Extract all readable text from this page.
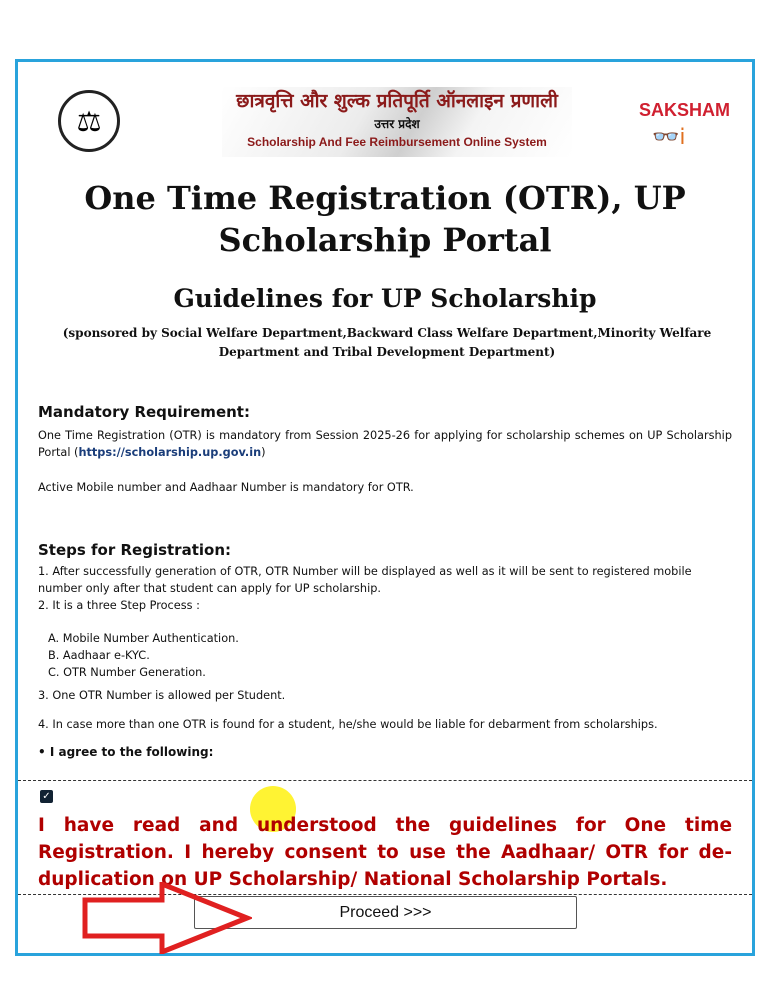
⚖
छात्रवृत्ति और शुल्क प्रतिपूर्ति ऑनलाइन प्रणाली
उत्तर प्रदेश
Scholarship And Fee Reimbursement Online System
SAKSHAM
👓ⅰ
One Time Registration (OTR), UP Scholarship Portal
Guidelines for UP Scholarship
(sponsored by Social Welfare Department,Backward Class Welfare Department,Minority Welfare Department and Tribal Development Department)
Mandatory Requirement:
One Time Registration (OTR) is mandatory from Session 2025-26 for applying for scholarship schemes on UP Scholarship Portal (https://scholarship.up.gov.in)
Active Mobile number and Aadhaar Number is mandatory for OTR.
Steps for Registration:
1. After successfully generation of OTR, OTR Number will be displayed as well as it will be sent to registered mobile number only after that student can apply for UP scholarship.
2. It is a three Step Process :
A. Mobile Number Authentication.
B. Aadhaar e-KYC.
C. OTR Number Generation.
3. One OTR Number is allowed per Student.
4. In case more than one OTR is found for a student, he/she would be liable for debarment from scholarships.
• I agree to the following:
✓
I have read and understood the guidelines for One time Registration. I hereby consent to use the Aadhaar/ OTR for de-duplication on UP Scholarship/ National Scholarship Portals.
Proceed >>>
